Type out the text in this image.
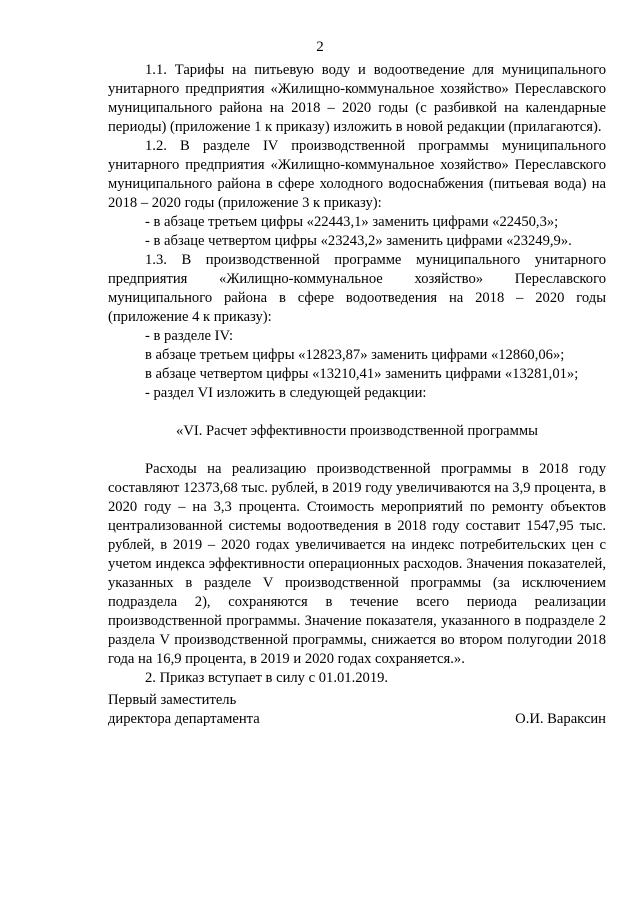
2

1.1. Тарифы на питьевую воду и водоотведение для муниципального унитарного предприятия «Жилищно-коммунальное хозяйство» Переславского муниципального района на 2018 – 2020 годы (с разбивкой на календарные периоды) (приложение 1 к приказу) изложить в новой редакции (прилагаются).

1.2. В разделе IV производственной программы муниципального унитарного предприятия «Жилищно-коммунальное хозяйство» Переславского муниципального района в сфере холодного водоснабжения (питьевая вода) на 2018 – 2020 годы (приложение 3 к приказу):

- в абзаце третьем цифры «22443,1» заменить цифрами «22450,3»;

- в абзаце четвертом цифры «23243,2» заменить цифрами «23249,9».

1.3. В производственной программе муниципального унитарного предприятия «Жилищно-коммунальное хозяйство» Переславского муниципального района в сфере водоотведения на 2018 – 2020 годы (приложение 4 к приказу):

- в разделе IV:

в абзаце третьем цифры «12823,87» заменить цифрами «12860,06»;

в абзаце четвертом цифры «13210,41» заменить цифрами «13281,01»;

- раздел VI изложить в следующей редакции:

«VI. Расчет эффективности производственной программы

Расходы на реализацию производственной программы в 2018 году составляют 12373,68 тыс. рублей, в 2019 году увеличиваются на 3,9 процента, в 2020 году – на 3,3 процента. Стоимость мероприятий по ремонту объектов централизованной системы водоотведения в 2018 году составит 1547,95 тыс. рублей, в 2019 – 2020 годах увеличивается на индекс потребительских цен с учетом индекса эффективности операционных расходов. Значения показателей, указанных в разделе V производственной программы (за исключением подраздела 2), сохраняются в течение всего периода реализации производственной программы. Значение показателя, указанного в подразделе 2 раздела V производственной программы, снижается во втором полугодии 2018 года на 16,9 процента, в 2019 и 2020 годах сохраняется.».

2. Приказ вступает в силу с 01.01.2019.

Первый заместитель
директора департамента	О.И. Вараксин
